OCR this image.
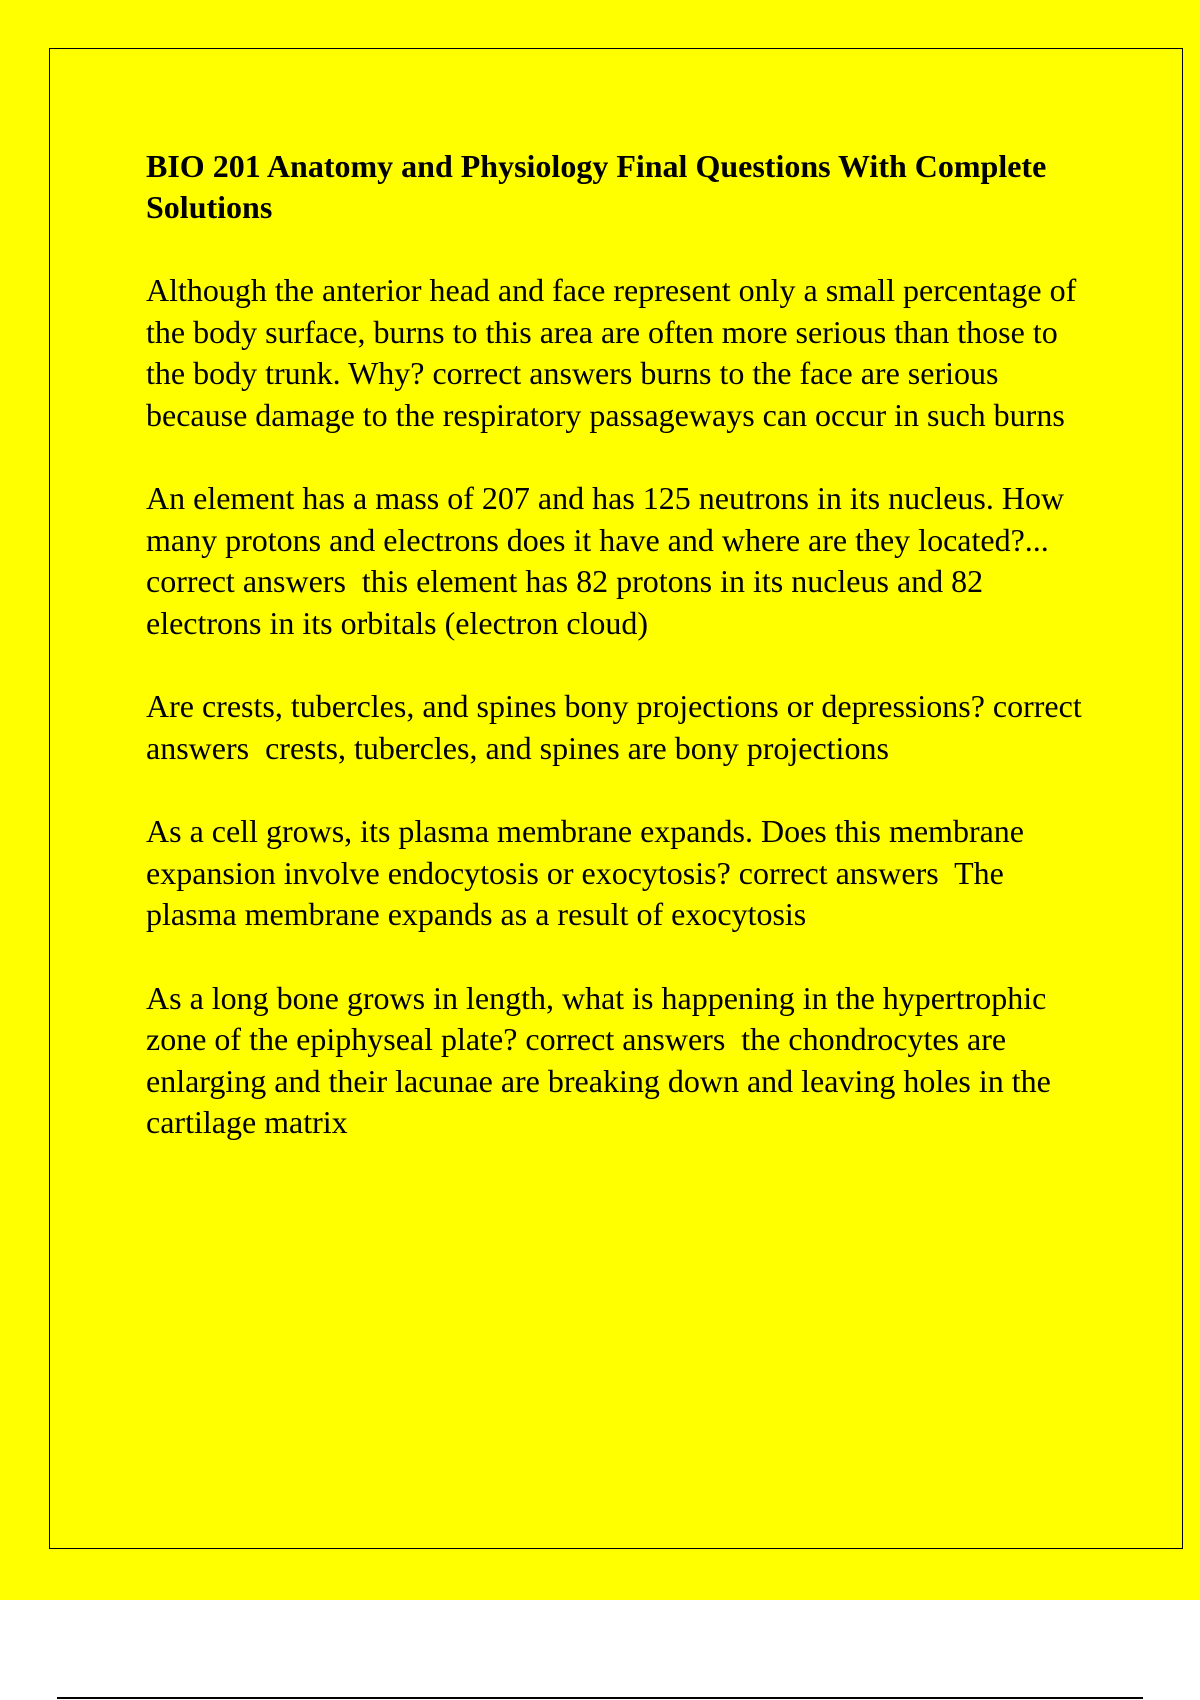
BIO 201 Anatomy and Physiology Final Questions With Complete Solutions

Although the anterior head and face represent only a small percentage of the body surface, burns to this area are often more serious than those to the body trunk. Why? correct answers burns to the face are serious because damage to the respiratory passageways can occur in such burns

An element has a mass of 207 and has 125 neutrons in its nucleus. How many protons and electrons does it have and where are they located?... correct answers  this element has 82 protons in its nucleus and 82 electrons in its orbitals (electron cloud)

Are crests, tubercles, and spines bony projections or depressions? correct answers  crests, tubercles, and spines are bony projections

As a cell grows, its plasma membrane expands. Does this membrane expansion involve endocytosis or exocytosis? correct answers  The plasma membrane expands as a result of exocytosis

As a long bone grows in length, what is happening in the hypertrophic zone of the epiphyseal plate? correct answers  the chondrocytes are enlarging and their lacunae are breaking down and leaving holes in the cartilage matrix
